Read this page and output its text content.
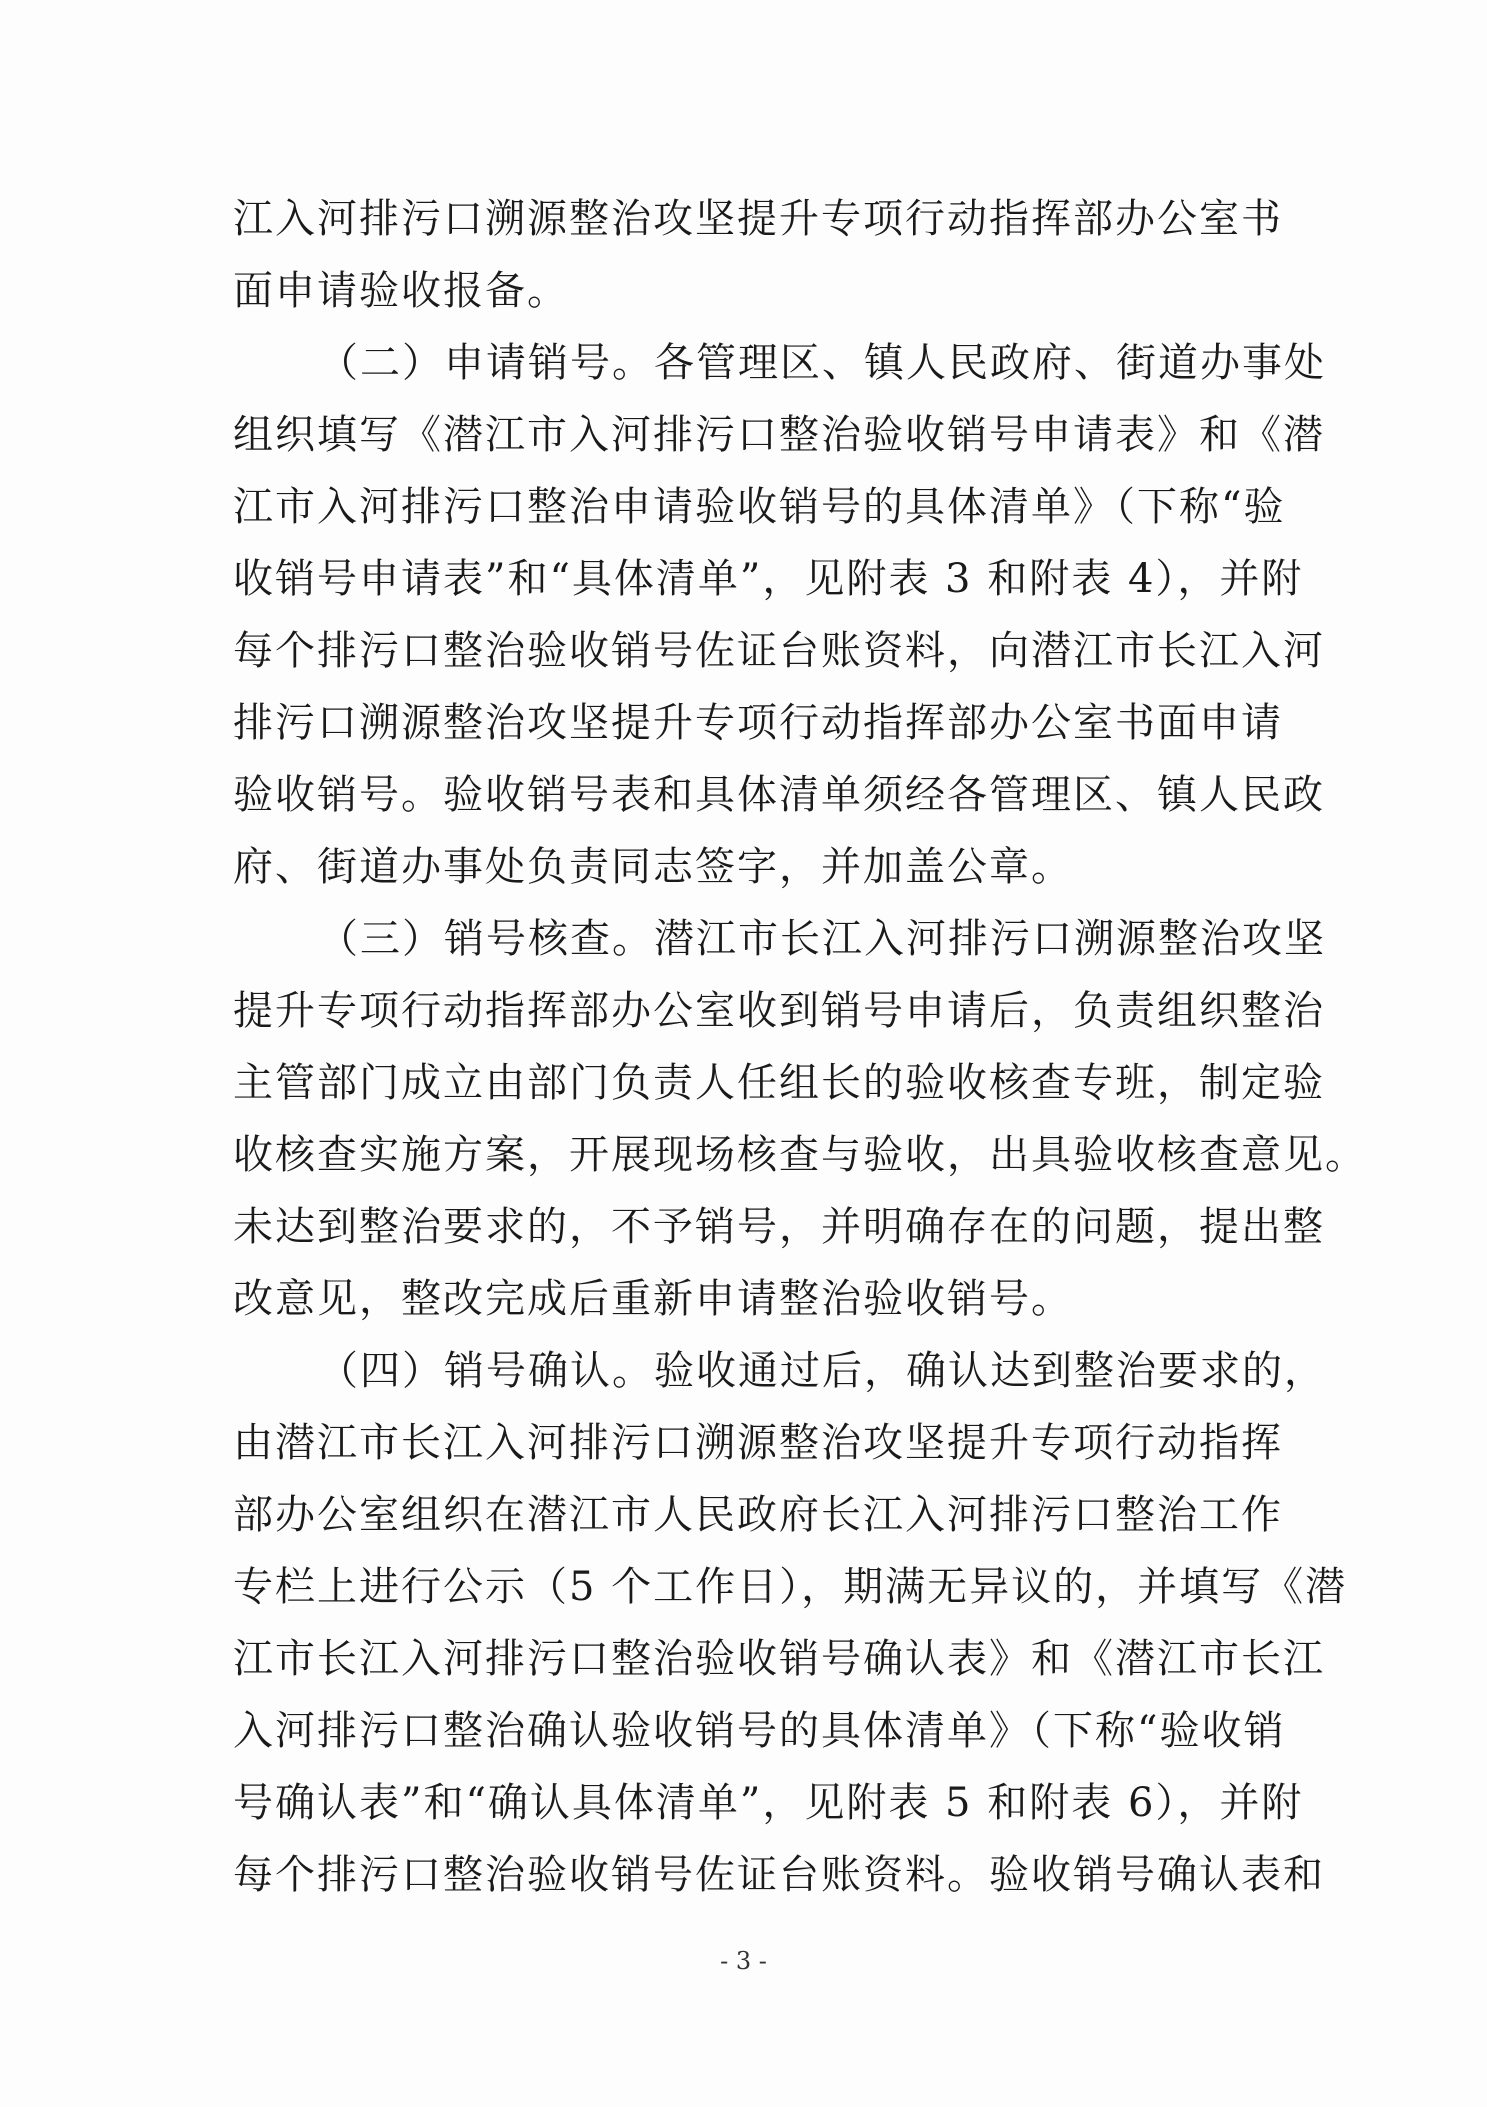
江入河排污口溯源整治攻坚提升专项行动指挥部办公室书
面申请验收报备。
（二）申请销号。各管理区、镇人民政府、街道办事处
组织填写《潜江市入河排污口整治验收销号申请表》和《潜
江市入河排污口整治申请验收销号的具体清单》（下称“验
收销号申请表”和“具体清单”，见附表 3 和附表 4），并附
每个排污口整治验收销号佐证台账资料，向潜江市长江入河
排污口溯源整治攻坚提升专项行动指挥部办公室书面申请
验收销号。验收销号表和具体清单须经各管理区、镇人民政
府、街道办事处负责同志签字，并加盖公章。
（三）销号核查。潜江市长江入河排污口溯源整治攻坚
提升专项行动指挥部办公室收到销号申请后，负责组织整治
主管部门成立由部门负责人任组长的验收核查专班，制定验
收核查实施方案，开展现场核查与验收，出具验收核查意见。
未达到整治要求的，不予销号，并明确存在的问题，提出整
改意见，整改完成后重新申请整治验收销号。
（四）销号确认。验收通过后，确认达到整治要求的，
由潜江市长江入河排污口溯源整治攻坚提升专项行动指挥
部办公室组织在潜江市人民政府长江入河排污口整治工作
专栏上进行公示（5 个工作日），期满无异议的，并填写《潜
江市长江入河排污口整治验收销号确认表》和《潜江市长江
入河排污口整治确认验收销号的具体清单》（下称“验收销
号确认表”和“确认具体清单”，见附表 5 和附表 6），并附
每个排污口整治验收销号佐证台账资料。验收销号确认表和
- 3 -
